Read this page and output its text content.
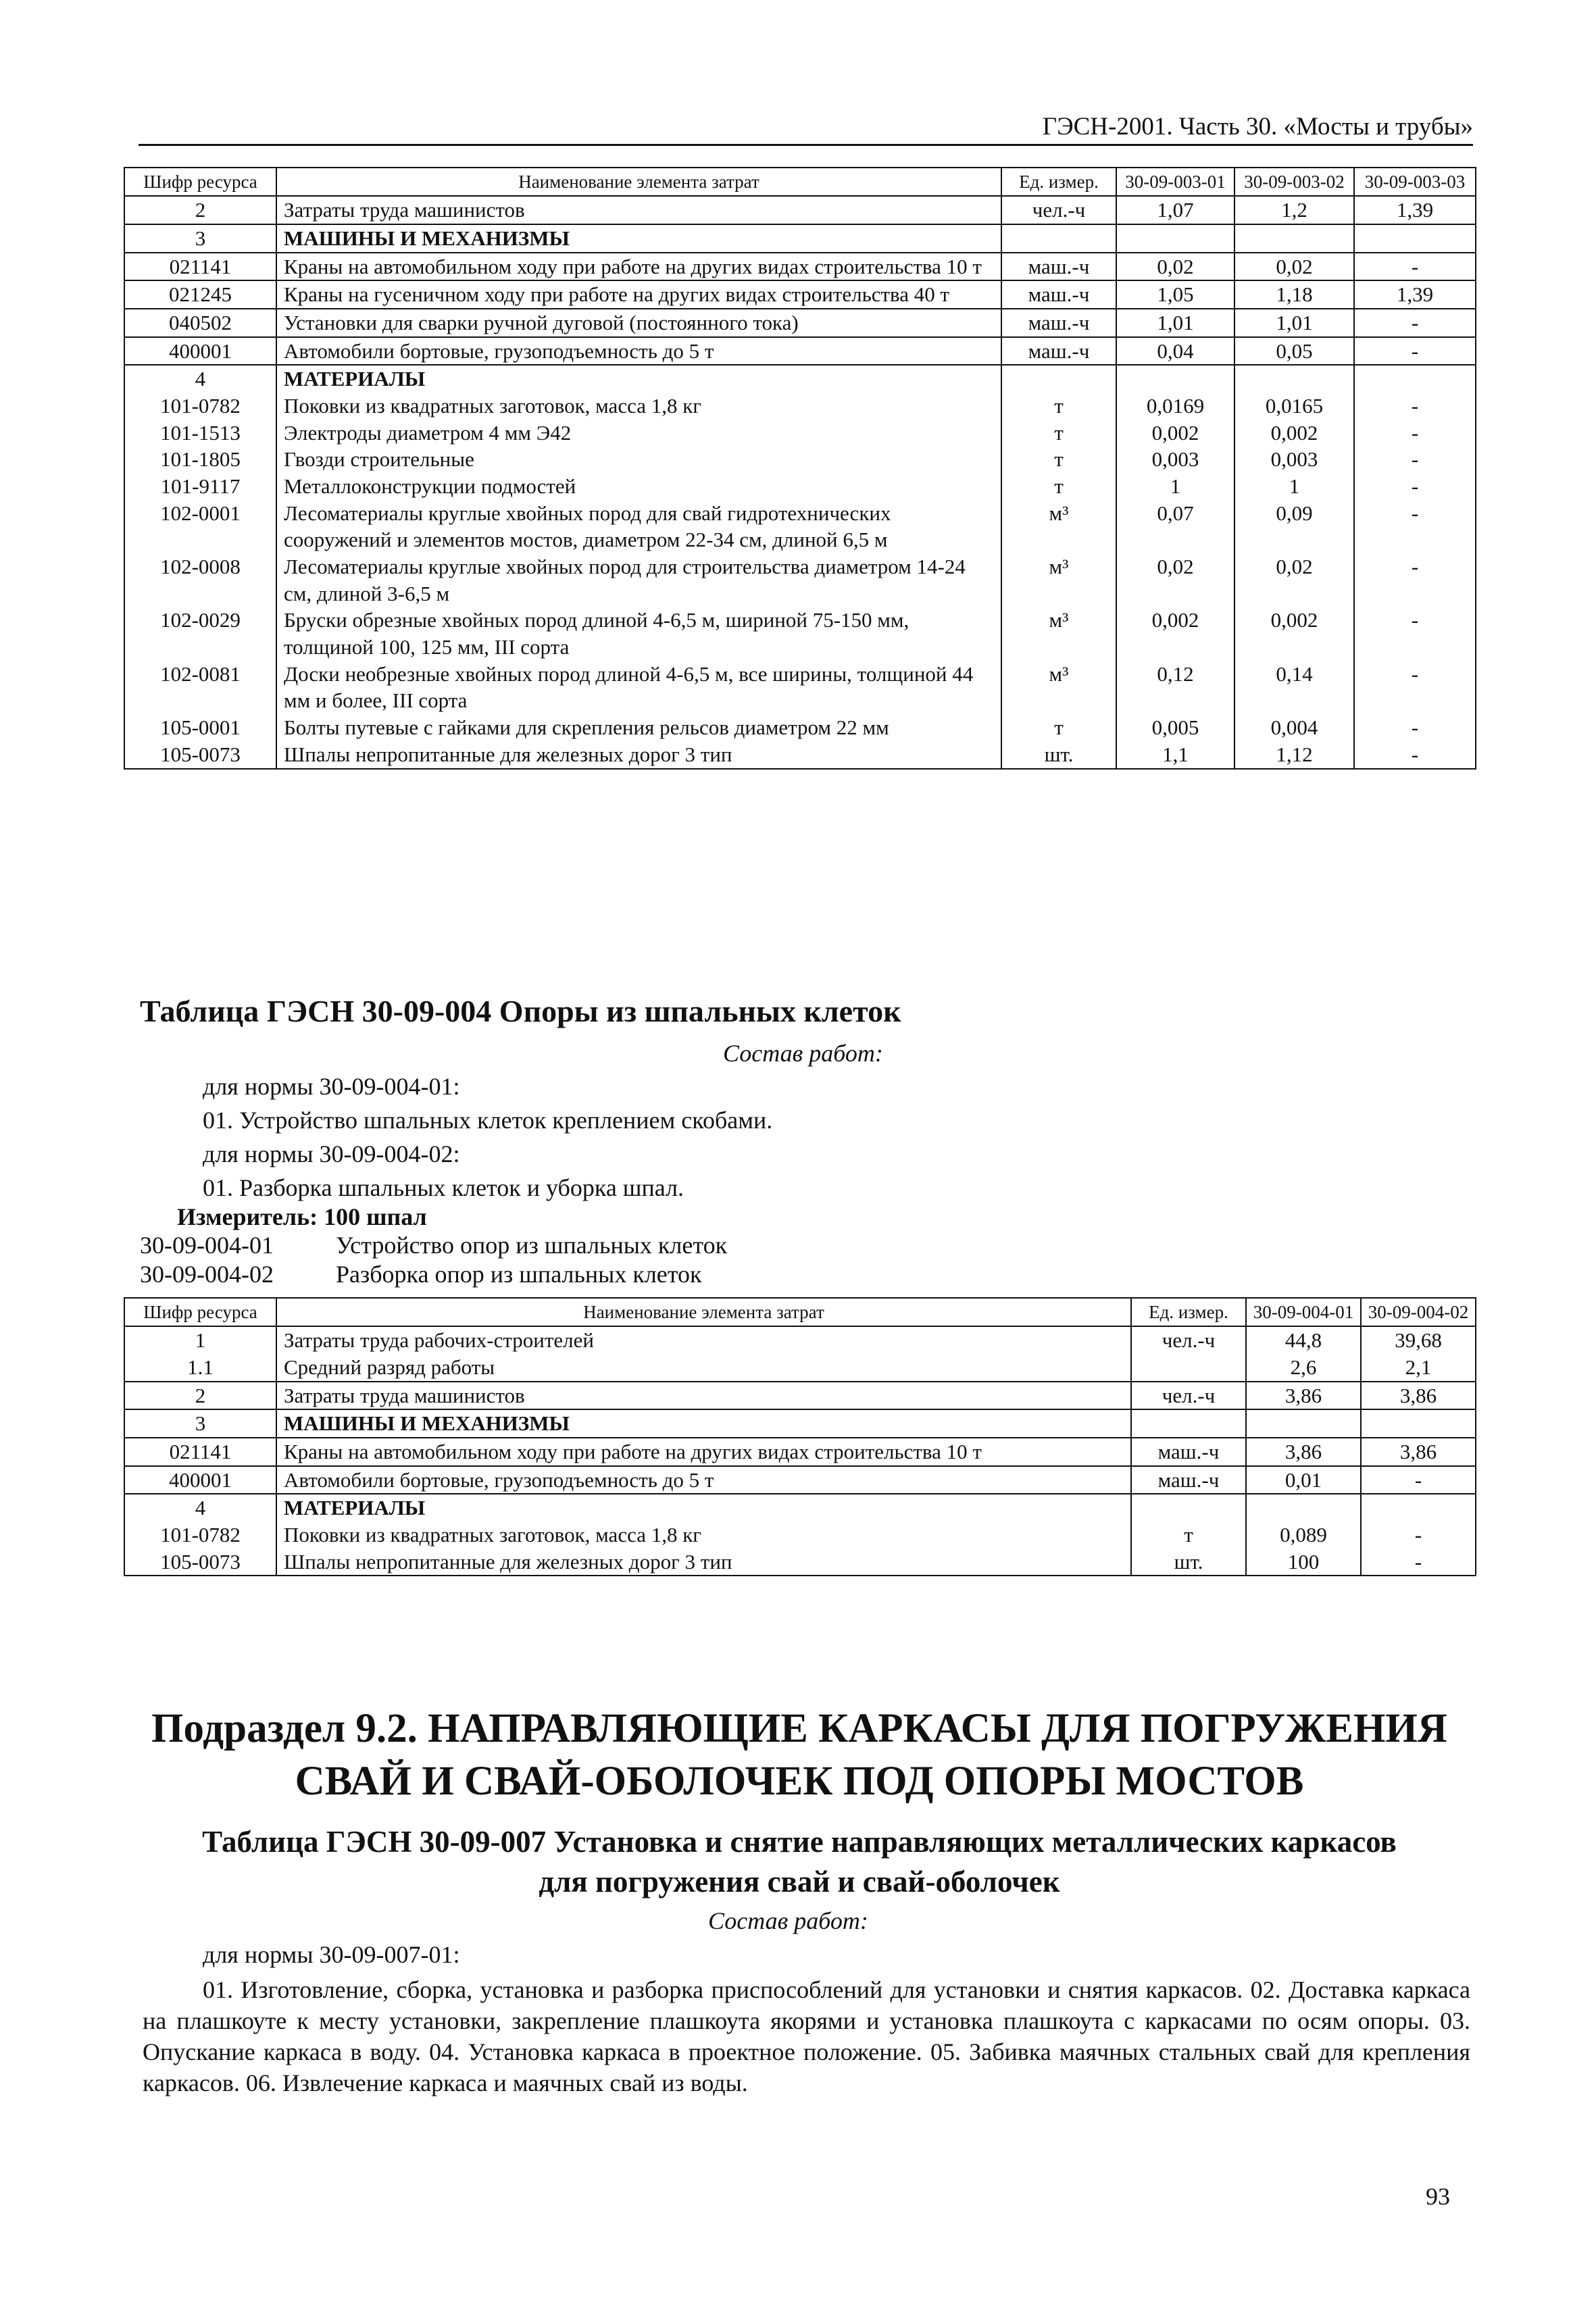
ГЭСН-2001. Часть 30. «Мосты и трубы»
Шифр ресурса	Наименование элемента затрат	Ед. измер.	30-09-003-01	30-09-003-02	30-09-003-03
2	Затраты труда машинистов	чел.-ч	1,07	1,2	1,39
3	МАШИНЫ И МЕХАНИЗМЫ				
021141	Краны на автомобильном ходу при работе на других видах строительства 10 т	маш.-ч	0,02	0,02	-
021245	Краны на гусеничном ходу при работе на других видах строительства 40 т	маш.-ч	1,05	1,18	1,39
040502	Установки для сварки ручной дуговой (постоянного тока)	маш.-ч	1,01	1,01	-
400001	Автомобили бортовые, грузоподъемность до 5 т	маш.-ч	0,04	0,05	-
4	МАТЕРИАЛЫ				
101-0782	Поковки из квадратных заготовок, масса 1,8 кг	т	0,0169	0,0165	-
101-1513	Электроды диаметром 4 мм Э42	т	0,002	0,002	-
101-1805	Гвозди строительные	т	0,003	0,003	-
101-9117	Металлоконструкции подмостей	т	1	1	-
102-0001	Лесоматериалы круглые хвойных пород для свай гидротехнических сооружений и элементов мостов, диаметром 22-34 см, длиной 6,5 м	м³	0,07	0,09	-
102-0008	Лесоматериалы круглые хвойных пород для строительства диаметром 14-24 см, длиной 3-6,5 м	м³	0,02	0,02	-
102-0029	Бруски обрезные хвойных пород длиной 4-6,5 м, шириной 75-150 мм, толщиной 100, 125 мм, III сорта	м³	0,002	0,002	-
102-0081	Доски необрезные хвойных пород длиной 4-6,5 м, все ширины, толщиной 44 мм и более, III сорта	м³	0,12	0,14	-
105-0001	Болты путевые с гайками для скрепления рельсов диаметром 22 мм	т	0,005	0,004	-
105-0073	Шпалы непропитанные для железных дорог 3 тип	шт.	1,1	1,12	-
Таблица ГЭСН 30-09-004 Опоры из шпальных клеток
Состав работ:
для нормы 30-09-004-01:
01. Устройство шпальных клеток креплением скобами.
для нормы 30-09-004-02:
01. Разборка шпальных клеток и уборка шпал.
Измеритель: 100 шпал
30-09-004-01	Устройство опор из шпальных клеток
30-09-004-02	Разборка опор из шпальных клеток
Шифр ресурса	Наименование элемента затрат	Ед. измер.	30-09-004-01	30-09-004-02
1	Затраты труда рабочих-строителей	чел.-ч	44,8	39,68
1.1	Средний разряд работы		2,6	2,1
2	Затраты труда машинистов	чел.-ч	3,86	3,86
3	МАШИНЫ И МЕХАНИЗМЫ			
021141	Краны на автомобильном ходу при работе на других видах строительства 10 т	маш.-ч	3,86	3,86
400001	Автомобили бортовые, грузоподъемность до 5 т	маш.-ч	0,01	-
4	МАТЕРИАЛЫ			
101-0782	Поковки из квадратных заготовок, масса 1,8 кг	т	0,089	-
105-0073	Шпалы непропитанные для железных дорог 3 тип	шт.	100	-
Подраздел 9.2. НАПРАВЛЯЮЩИЕ КАРКАСЫ ДЛЯ ПОГРУЖЕНИЯ
СВАЙ И СВАЙ-ОБОЛОЧЕК ПОД ОПОРЫ МОСТОВ
Таблица ГЭСН 30-09-007 Установка и снятие направляющих металлических каркасов
для погружения свай и свай-оболочек
Состав работ:
для нормы 30-09-007-01:
01. Изготовление, сборка, установка и разборка приспособлений для установки и снятия каркасов. 02. Доставка каркаса на плашкоуте к месту установки, закрепление плашкоута якорями и установка плашкоута с каркасами по осям опоры. 03. Опускание каркаса в воду. 04. Установка каркаса в проектное положение. 05. Забивка маячных стальных свай для крепления каркасов. 06. Извлечение каркаса и маячных свай из воды.
93
